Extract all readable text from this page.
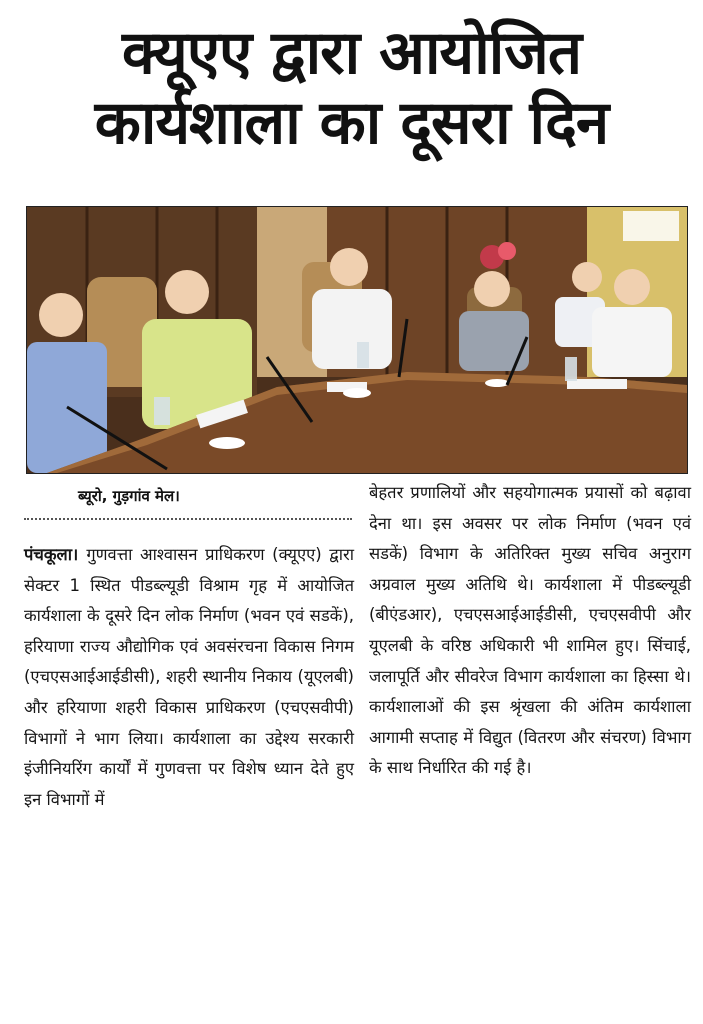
क्यूएए द्वारा आयोजित
कार्यशाला का दूसरा दिन
ब्यूरो, गुड़गांव मेल।
पंचकूला। गुणवत्ता आश्वासन प्राधिकरण (क्यूएए) द्वारा सेक्टर 1 स्थित पीडब्ल्यूडी विश्राम गृह में आयोजित कार्यशाला के दूसरे दिन लोक निर्माण (भवन एवं सडकें), हरियाणा राज्य औद्योगिक एवं अवसंरचना विकास निगम (एचएसआईआईडीसी), शहरी स्थानीय निकाय (यूएलबी) और हरियाणा शहरी विकास प्राधिकरण (एचएसवीपी) विभागों ने भाग लिया। कार्यशाला का उद्देश्य सरकारी इंजीनियरिंग कार्यों में गुणवत्ता पर विशेष ध्यान देते हुए इन विभागों में
बेहतर प्रणालियों और सहयोगात्मक प्रयासों को बढ़ावा देना था। इस अवसर पर लोक निर्माण (भवन एवं सडकें) विभाग के अतिरिक्त मुख्य सचिव अनुराग अग्रवाल मुख्य अतिथि थे। कार्यशाला में पीडब्ल्यूडी (बीएंडआर), एचएसआईआईडीसी, एचएसवीपी और यूएलबी के वरिष्ठ अधिकारी भी शामिल हुए। सिंचाई, जलापूर्ति और सीवरेज विभाग कार्यशाला का हिस्सा थे। कार्यशालाओं की इस श्रृंखला की अंतिम कार्यशाला आगामी सप्ताह में विद्युत (वितरण और संचरण) विभाग के साथ निर्धारित की गई है।
